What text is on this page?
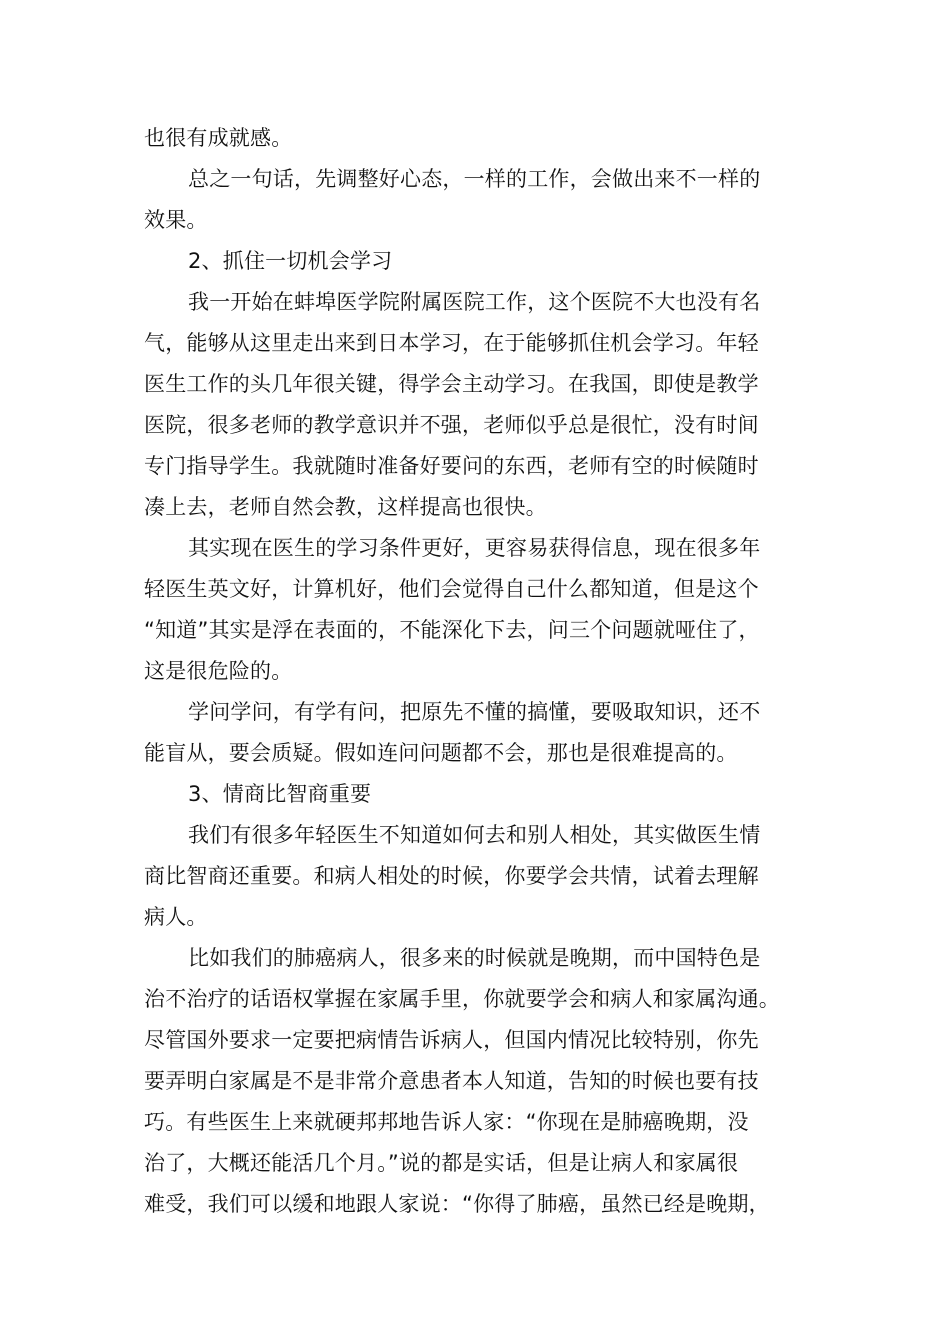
也很有成就感。
总之一句话，先调整好心态，一样的工作，会做出来不一样的
效果。
2、抓住一切机会学习
我一开始在蚌埠医学院附属医院工作，这个医院不大也没有名
气，能够从这里走出来到日本学习，在于能够抓住机会学习。年轻
医生工作的头几年很关键，得学会主动学习。在我国，即使是教学
医院，很多老师的教学意识并不强，老师似乎总是很忙，没有时间
专门指导学生。我就随时准备好要问的东西，老师有空的时候随时
凑上去，老师自然会教，这样提高也很快。
其实现在医生的学习条件更好，更容易获得信息，现在很多年
轻医生英文好，计算机好，他们会觉得自己什么都知道，但是这个
“知道”其实是浮在表面的，不能深化下去，问三个问题就哑住了，
这是很危险的。
学问学问，有学有问，把原先不懂的搞懂，要吸取知识，还不
能盲从，要会质疑。假如连问问题都不会，那也是很难提高的。
3、情商比智商重要
我们有很多年轻医生不知道如何去和别人相处，其实做医生情
商比智商还重要。和病人相处的时候，你要学会共情，试着去理解
病人。
比如我们的肺癌病人，很多来的时候就是晚期，而中国特色是
治不治疗的话语权掌握在家属手里，你就要学会和病人和家属沟通。
尽管国外要求一定要把病情告诉病人，但国内情况比较特别，你先
要弄明白家属是不是非常介意患者本人知道，告知的时候也要有技
巧。有些医生上来就硬邦邦地告诉人家：“你现在是肺癌晚期，没
治了，大概还能活几个月。”说的都是实话，但是让病人和家属很
难受，我们可以缓和地跟人家说：“你得了肺癌，虽然已经是晚期，
